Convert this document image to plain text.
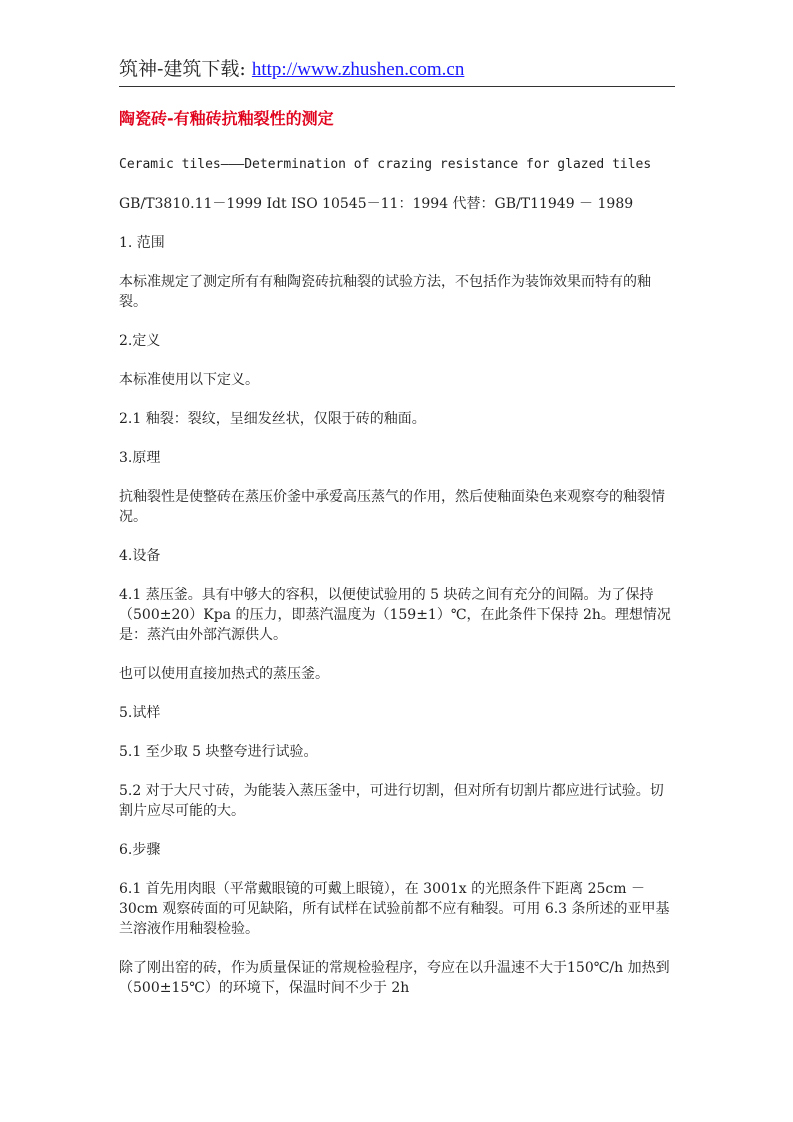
筑神-建筑下载: http://www.zhushen.com.cn
陶瓷砖-有釉砖抗釉裂性的测定

Ceramic tiles———Determination of crazing resistance for glazed tiles

GB/T3810.11－1999 Idt ISO 10545－11：1994 代替：GB/T11949 － 1989

1. 范围

本标准规定了测定所有有釉陶瓷砖抗釉裂的试验方法，不包括作为装饰效果而特有的釉裂。

2.定义

本标准使用以下定义。

2.1 釉裂：裂纹，呈细发丝状，仅限于砖的釉面。

3.原理

抗釉裂性是使整砖在蒸压价釜中承爱高压蒸气的作用，然后使釉面染色来观察夸的釉裂情况。

4.设备

4.1 蒸压釜。具有中够大的容积，以便使试验用的 5 块砖之间有充分的间隔。为了保持（500±20）Kpa 的压力，即蒸汽温度为（159±1）℃，在此条件下保持 2h。理想情况是：蒸汽由外部汽源供人。

也可以使用直接加热式的蒸压釜。

5.试样

5.1 至少取 5 块整夸进行试验。

5.2 对于大尺寸砖，为能装入蒸压釜中，可进行切割，但对所有切割片都应进行试验。切割片应尽可能的大。

6.步骤

6.1 首先用肉眼（平常戴眼镜的可戴上眼镜），在 3001x 的光照条件下距离 25cm － 30cm 观察砖面的可见缺陷，所有试样在试验前都不应有釉裂。可用 6.3 条所述的亚甲基兰溶液作用釉裂检验。

除了刚出窑的砖，作为质量保证的常规检验程序，夸应在以升温速不大于150℃/h 加热到（500±15℃）的环境下，保温时间不少于 2h
